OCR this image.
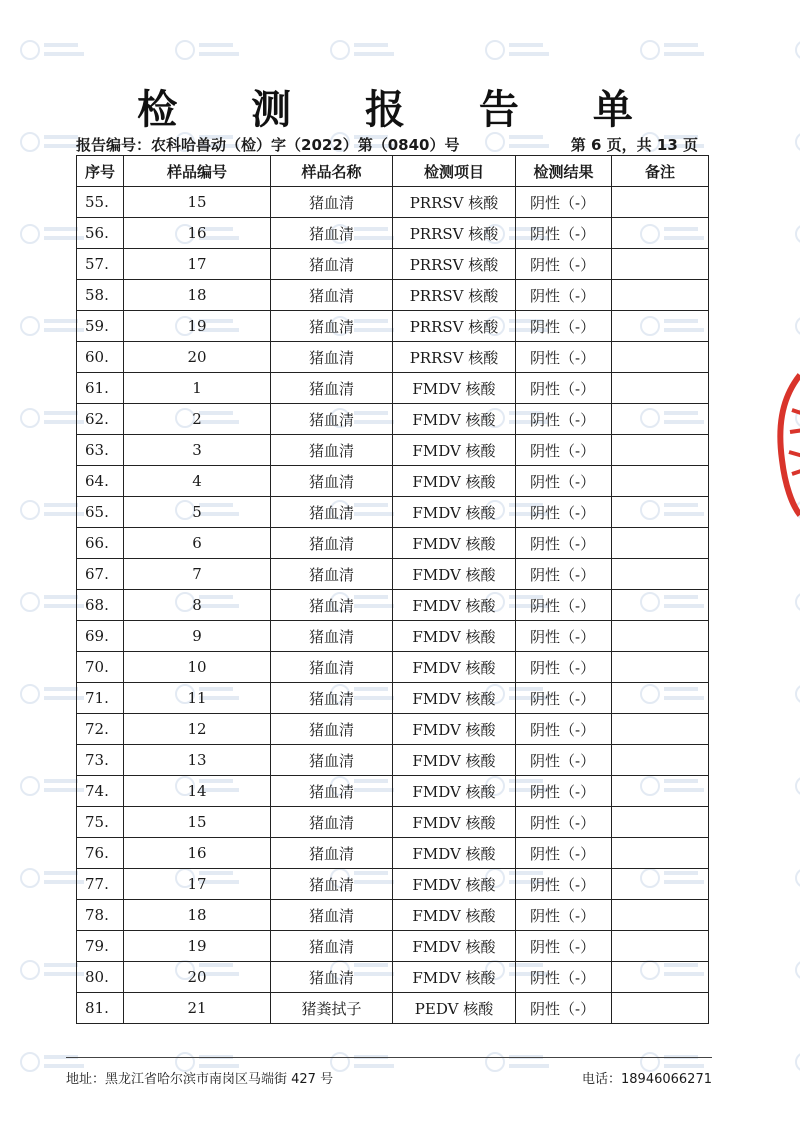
检 测 报 告 单
报告编号：农科哈兽动（检）字（2022）第（0840）号	第 6 页，共 13 页
序号	样品编号	样品名称	检测项目	检测结果	备注
55.	15	猪血清	PRRSV 核酸	阴性（-）	
56.	16	猪血清	PRRSV 核酸	阴性（-）	
57.	17	猪血清	PRRSV 核酸	阴性（-）	
58.	18	猪血清	PRRSV 核酸	阴性（-）	
59.	19	猪血清	PRRSV 核酸	阴性（-）	
60.	20	猪血清	PRRSV 核酸	阴性（-）	
61.	1	猪血清	FMDV 核酸	阴性（-）	
62.	2	猪血清	FMDV 核酸	阴性（-）	
63.	3	猪血清	FMDV 核酸	阴性（-）	
64.	4	猪血清	FMDV 核酸	阴性（-）	
65.	5	猪血清	FMDV 核酸	阴性（-）	
66.	6	猪血清	FMDV 核酸	阴性（-）	
67.	7	猪血清	FMDV 核酸	阴性（-）	
68.	8	猪血清	FMDV 核酸	阴性（-）	
69.	9	猪血清	FMDV 核酸	阴性（-）	
70.	10	猪血清	FMDV 核酸	阴性（-）	
71.	11	猪血清	FMDV 核酸	阴性（-）	
72.	12	猪血清	FMDV 核酸	阴性（-）	
73.	13	猪血清	FMDV 核酸	阴性（-）	
74.	14	猪血清	FMDV 核酸	阴性（-）	
75.	15	猪血清	FMDV 核酸	阴性（-）	
76.	16	猪血清	FMDV 核酸	阴性（-）	
77.	17	猪血清	FMDV 核酸	阴性（-）	
78.	18	猪血清	FMDV 核酸	阴性（-）	
79.	19	猪血清	FMDV 核酸	阴性（-）	
80.	20	猪血清	FMDV 核酸	阴性（-）	
81.	21	猪粪拭子	PEDV 核酸	阴性（-）	
地址：黑龙江省哈尔滨市南岗区马端街 427 号	电话：18946066271
